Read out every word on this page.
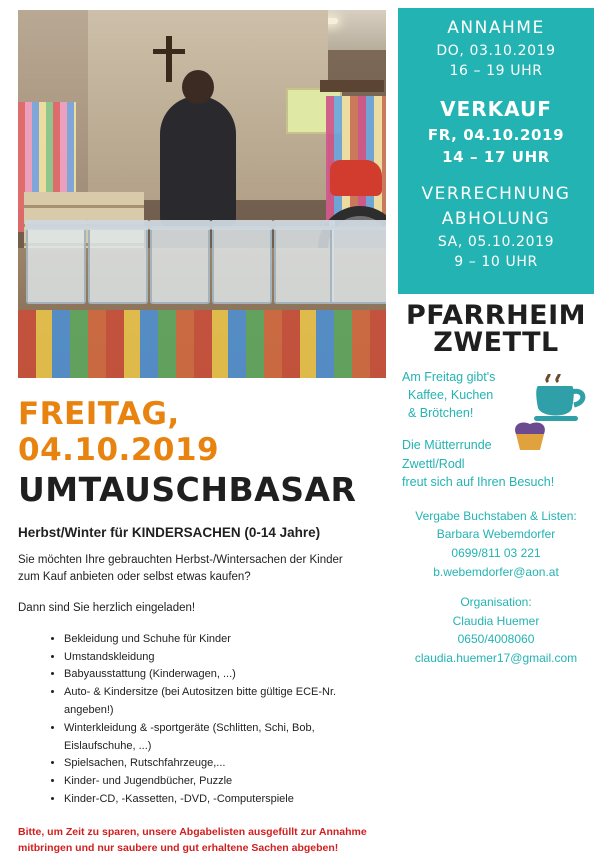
FREITAG, 04.10.2019
UMTAUSCHBASAR
Herbst/Winter für KINDERSACHEN (0-14 Jahre)
Sie möchten Ihre gebrauchten Herbst-/Wintersachen der Kinder zum Kauf anbieten oder selbst etwas kaufen?
Dann sind Sie herzlich eingeladen!
• Bekleidung und Schuhe für Kinder
• Umstandskleidung
• Babyausstattung (Kinderwagen, ...)
• Auto- & Kindersitze (bei Autositzen bitte gültige ECE-Nr. angeben!)
• Winterkleidung & -sportgeräte (Schlitten, Schi, Bob, Eislaufschuhe, ...)
• Spielsachen, Rutschfahrzeuge,...
• Kinder- und Jugendbücher, Puzzle
• Kinder-CD, -Kassetten, -DVD, -Computerspiele
Bitte, um Zeit zu sparen, unsere Abgabelisten ausgefüllt zur Annahme mitbringen und nur saubere und gut erhaltene Sachen abgeben!
ANNAHME
DO, 03.10.2019
16 – 19 UHR
VERKAUF
FR, 04.10.2019
14 – 17 UHR
VERRECHNUNG
ABHOLUNG
SA, 05.10.2019
9 – 10 UHR
PFARRHEIM
ZWETTL
Am Freitag gibt's
Kaffee, Kuchen
& Brötchen!
Die Mütterrunde
Zwettl/Rodl
freut sich auf Ihren Besuch!
Vergabe Buchstaben & Listen:
Barbara Webemdorfer
0699/811 03 221
b.webemdorfer@aon.at
Organisation:
Claudia Huemer
0650/4008060
claudia.huemer17@gmail.com
